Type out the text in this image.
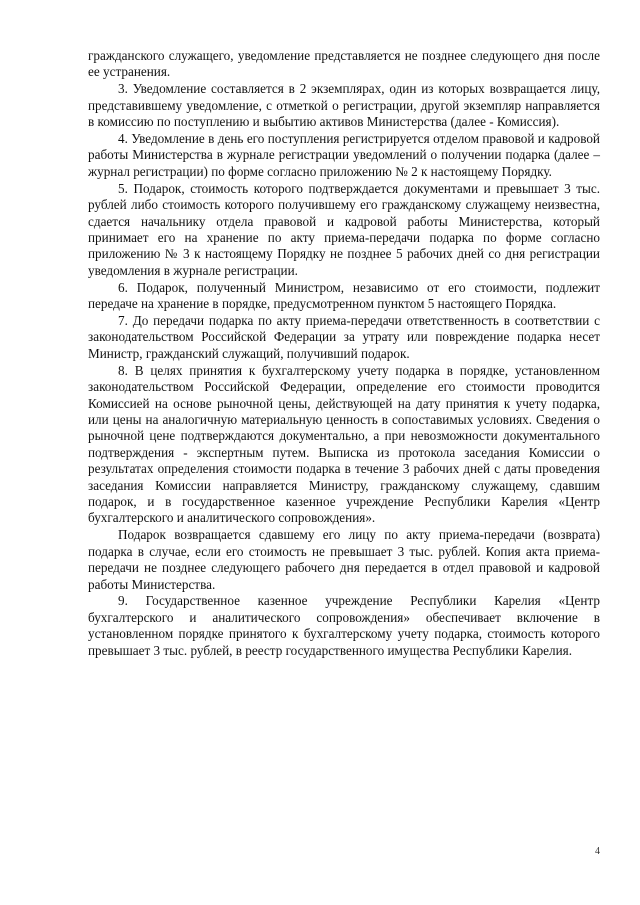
гражданского служащего, уведомление представляется не позднее следующего дня после ее устранения.

3. Уведомление составляется в 2 экземплярах, один из которых возвращается лицу, представившему уведомление, с отметкой о регистрации, другой экземпляр направляется в комиссию по поступлению и выбытию активов Министерства (далее - Комиссия).

4. Уведомление в день его поступления регистрируется отделом правовой и кадровой работы Министерства в журнале регистрации уведомлений о получении подарка (далее – журнал регистрации) по форме согласно приложению № 2 к настоящему Порядку.

5. Подарок, стоимость которого подтверждается документами и превышает 3 тыс. рублей либо стоимость которого получившему его гражданскому служащему неизвестна, сдается начальнику отдела правовой и кадровой работы Министерства, который принимает его на хранение по акту приема-передачи подарка по форме согласно приложению № 3 к настоящему Порядку не позднее 5 рабочих дней со дня регистрации уведомления в журнале регистрации.

6. Подарок, полученный Министром, независимо от его стоимости, подлежит передаче на хранение в порядке, предусмотренном пунктом 5 настоящего Порядка.

7. До передачи подарка по акту приема-передачи ответственность в соответствии с законодательством Российской Федерации за утрату или повреждение подарка несет Министр, гражданский служащий, получивший подарок.

8. В целях принятия к бухгалтерскому учету подарка в порядке, установленном законодательством Российской Федерации, определение его стоимости проводится Комиссией на основе рыночной цены, действующей на дату принятия к учету подарка, или цены на аналогичную материальную ценность в сопоставимых условиях. Сведения о рыночной цене подтверждаются документально, а при невозможности документального подтверждения - экспертным путем. Выписка из протокола заседания Комиссии о результатах определения стоимости подарка в течение 3 рабочих дней с даты проведения заседания Комиссии направляется Министру, гражданскому служащему, сдавшим подарок, и в государственное казенное учреждение Республики Карелия «Центр бухгалтерского и аналитического сопровождения».

Подарок возвращается сдавшему его лицу по акту приема-передачи (возврата) подарка в случае, если его стоимость не превышает 3 тыс. рублей. Копия акта приема-передачи не позднее следующего рабочего дня передается в отдел правовой и кадровой работы Министерства.

9. Государственное казенное учреждение Республики Карелия «Центр бухгалтерского и аналитического сопровождения» обеспечивает включение в установленном порядке принятого к бухгалтерскому учету подарка, стоимость которого превышает 3 тыс. рублей, в реестр государственного имущества Республики Карелия.

4
